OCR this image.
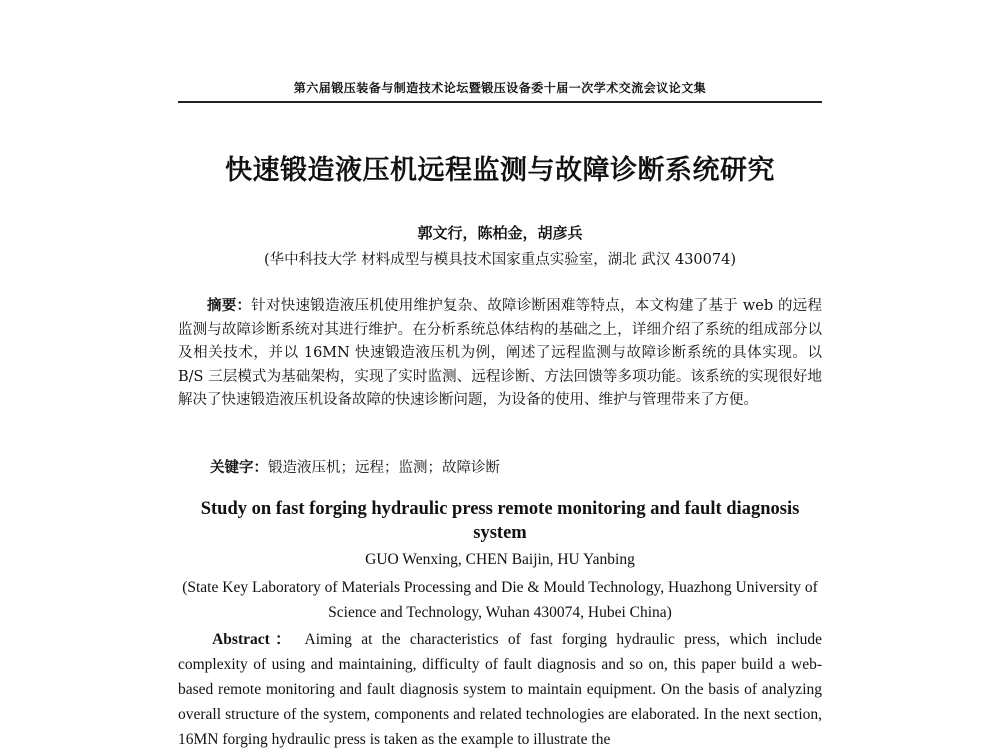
第六届锻压装备与制造技术论坛暨锻压设备委十届一次学术交流会议论文集
快速锻造液压机远程监测与故障诊断系统研究
郭文行，陈柏金，胡彦兵
(华中科技大学 材料成型与模具技术国家重点实验室，湖北 武汉 430074)

摘要：针对快速锻造液压机使用维护复杂、故障诊断困难等特点，本文构建了基于 web 的远程监测与故障诊断系统对其进行维护。在分析系统总体结构的基础之上，详细介绍了系统的组成部分以及相关技术，并以 16MN 快速锻造液压机为例，阐述了远程监测与故障诊断系统的具体实现。以 B/S 三层模式为基础架构，实现了实时监测、远程诊断、方法回馈等多项功能。该系统的实现很好地解决了快速锻造液压机设备故障的快速诊断问题，为设备的使用、维护与管理带来了方便。

关键字：锻造液压机；远程；监测；故障诊断
Study on fast forging hydraulic press remote monitoring and fault diagnosis system
GUO Wenxing, CHEN Baijin, HU Yanbing
(State Key Laboratory of Materials Processing and Die & Mould Technology, Huazhong University of Science and Technology, Wuhan 430074, Hubei China)

Abstract： Aiming at the characteristics of fast forging hydraulic press, which include complexity of using and maintaining, difficulty of fault diagnosis and so on, this paper build a web-based remote monitoring and fault diagnosis system to maintain equipment. On the basis of analyzing overall structure of the system, components and related technologies are elaborated. In the next section, 16MN forging hydraulic press is taken as the example to illustrate the
